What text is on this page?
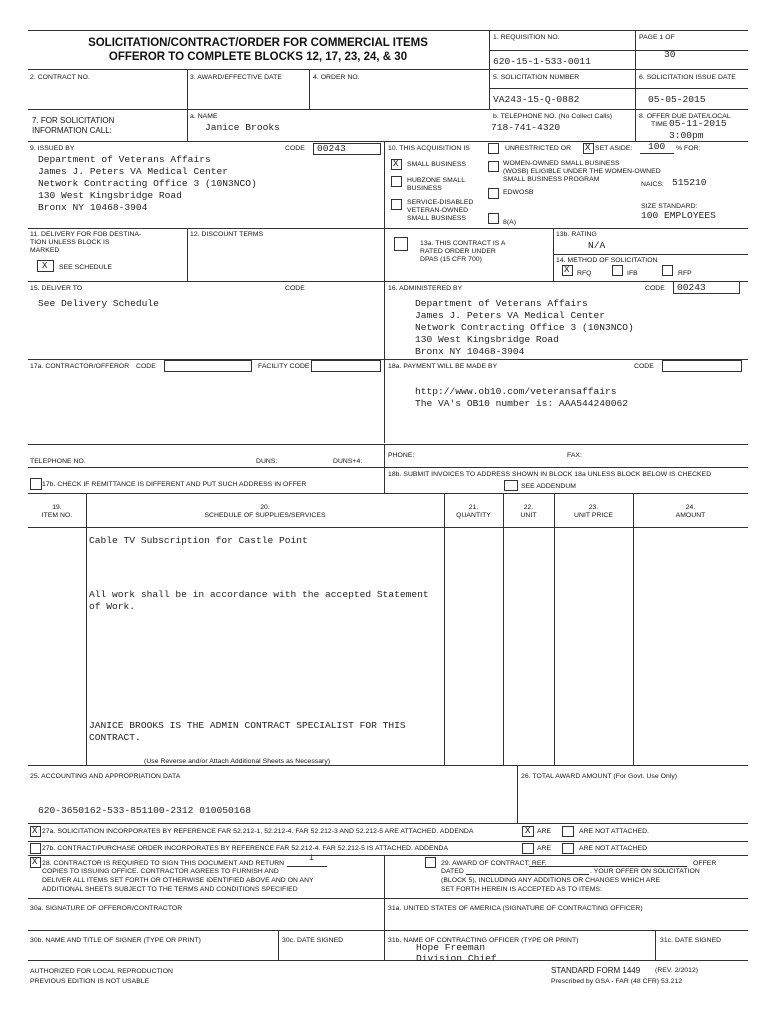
SOLICITATION/CONTRACT/ORDER FOR COMMERCIAL ITEMS
OFFEROR TO COMPLETE BLOCKS 12, 17, 23, 24, & 30
1. REQUISITION NO.
620-15-1-533-0011
PAGE 1 OF
30
2. CONTRACT NO.	3. AWARD/EFFECTIVE DATE	4. ORDER NO.	5. SOLICITATION NUMBER
VA243-15-Q-0882
6. SOLICITATION ISSUE DATE
05-05-2015
7. FOR SOLICITATION
INFORMATION CALL:
a. NAME
Janice Brooks
b. TELEPHONE NO. (No Collect Calls)
718-741-4320
8. OFFER DUE DATE/LOCAL
TIME 05-11-2015
3:00pm
9. ISSUED BY	CODE 00243
Department of Veterans Affairs
James J. Peters VA Medical Center
Network Contracting Office 3 (10N3NCO)
130 West Kingsbridge Road
Bronx NY 10468-3904
10. THIS ACQUISITION IS	UNRESTRICTED OR X SET ASIDE: 100 % FOR:
X SMALL BUSINESS
HUBZONE SMALL
BUSINESS
SERVICE-DISABLED
VETERAN-OWNED
SMALL BUSINESS
WOMEN-OWNED SMALL BUSINESS
(WOSB) ELIGIBLE UNDER THE WOMEN-OWNED
SMALL BUSINESS PROGRAM
EDWOSB
8(A)
NAICS: 515210
SIZE STANDARD:
100 EMPLOYEES
11. DELIVERY FOR FOB DESTINA-
TION UNLESS BLOCK IS
MARKED
X SEE SCHEDULE
12. DISCOUNT TERMS
13a. THIS CONTRACT IS A
RATED ORDER UNDER
DPAS (15 CFR 700)
13b. RATING
N/A
14. METHOD OF SOLICITATION
X RFQ	IFB	RFP
15. DELIVER TO	CODE
See Delivery Schedule
16. ADMINISTERED BY	CODE 00243
Department of Veterans Affairs
James J. Peters VA Medical Center
Network Contracting Office 3 (10N3NCO)
130 West Kingsbridge Road
Bronx NY 10468-3904
17a. CONTRACTOR/OFFEROR CODE	FACILITY CODE	18a. PAYMENT WILL BE MADE BY	CODE
http://www.ob10.com/veteransaffairs
The VA's OB10 number is: AAA544240062
TELEPHONE NO.	DUNS:	DUNS+4:
PHONE:	FAX:
17b. CHECK IF REMITTANCE IS DIFFERENT AND PUT SUCH ADDRESS IN OFFER
18b. SUBMIT INVOICES TO ADDRESS SHOWN IN BLOCK 18a UNLESS BLOCK BELOW IS CHECKED
SEE ADDENDUM
19.
ITEM NO.
20.
SCHEDULE OF SUPPLIES/SERVICES
21.
QUANTITY
22.
UNIT
23.
UNIT PRICE
24.
AMOUNT
Cable TV Subscription for Castle Point
All work shall be in accordance with the accepted Statement
of Work.
JANICE BROOKS IS THE ADMIN CONTRACT SPECIALIST FOR THIS
CONTRACT.
(Use Reverse and/or Attach Additional Sheets as Necessary)
25. ACCOUNTING AND APPROPRIATION DATA
620-3650162-533-851100-2312 010050168
26. TOTAL AWARD AMOUNT (For Govt. Use Only)
X 27a. SOLICITATION INCORPORATES BY REFERENCE FAR 52.212-1, 52.212-4. FAR 52.212-3 AND 52.212-5 ARE ATTACHED. ADDENDA	X ARE	ARE NOT ATTACHED.
27b. CONTRACT/PURCHASE ORDER INCORPORATES BY REFERENCE FAR 52.212-4. FAR 52.212-5 IS ATTACHED. ADDENDA	ARE	ARE NOT ATTACHED
X 28. CONTRACTOR IS REQUIRED TO SIGN THIS DOCUMENT AND RETURN
1
COPIES TO ISSUING OFFICE. CONTRACTOR AGREES TO FURNISH AND
DELIVER ALL ITEMS SET FORTH OR OTHERWISE IDENTIFIED ABOVE AND ON ANY
ADDITIONAL SHEETS SUBJECT TO THE TERMS AND CONDITIONS SPECIFIED
29. AWARD OF CONTRACT: REF.	OFFER
DATED	. YOUR OFFER ON SOLICITATION
(BLOCK 5), INCLUDING ANY ADDITIONS OR CHANGES WHICH ARE
SET FORTH HEREIN IS ACCEPTED AS TO ITEMS:
30a. SIGNATURE OF OFFEROR/CONTRACTOR	31a. UNITED STATES OF AMERICA (SIGNATURE OF CONTRACTING OFFICER)
30b. NAME AND TITLE OF SIGNER (TYPE OR PRINT)	30c. DATE SIGNED	31b. NAME OF CONTRACTING OFFICER (TYPE OR PRINT)
Hope Freeman
Division Chief
31c. DATE SIGNED
AUTHORIZED FOR LOCAL REPRODUCTION
PREVIOUS EDITION IS NOT USABLE
STANDARD FORM 1449 (REV. 2/2012)
Prescribed by GSA - FAR (48 CFR) 53.212
